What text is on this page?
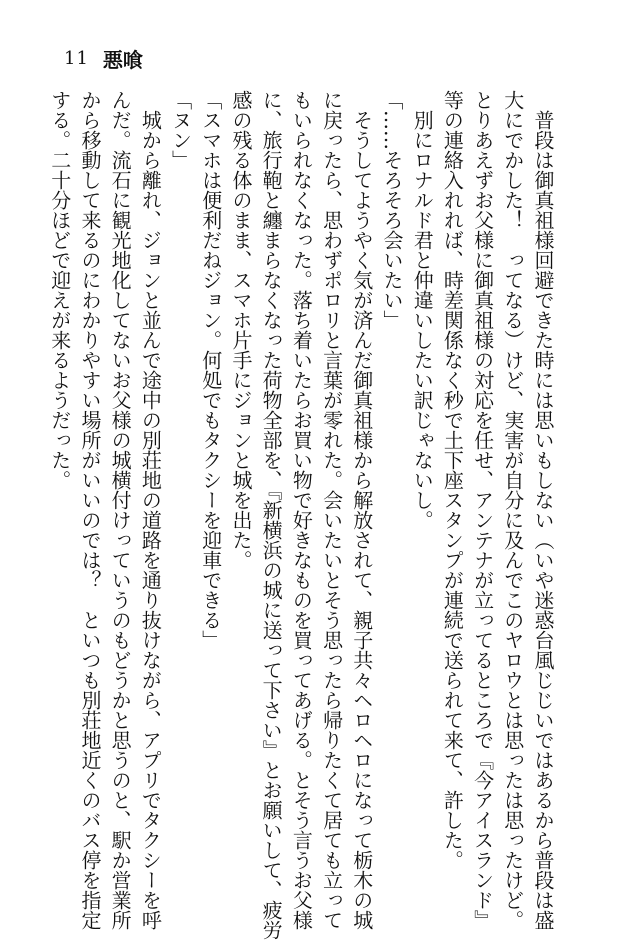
11 悪喰
　普段は御真祖様回避できた時には思いもしない（いや迷惑台風じじいではあるから普段は盛
大にでかした！　ってなる）けど、実害が自分に及んでこのヤロウとは思ったは思ったけど。
とりあえずお父様に御真祖様の対応を任せ、アンテナが立ってるところで『今アイスランド』
等の連絡入れれば、時差関係なく秒で土下座スタンプが連続で送られて来て、許した。
　別にロナルド君と仲違いしたい訳じゃないし。
「……そろそろ会いたい」
　そうしてようやく気が済んだ御真祖様から解放されて、親子共々ヘロヘロになって栃木の城
に戻ったら、思わずポロリと言葉が零れた。会いたいとそう思ったら帰りたくて居ても立って
もいられなくなった。落ち着いたらお買い物で好きなものを買ってあげる。とそう言うお父様
に、旅行鞄と纏まらなくなった荷物全部を、『新横浜の城に送って下さい』とお願いして、疲労
感の残る体のまま、スマホ片手にジョンと城を出た。
「スマホは便利だねジョン。何処でもタクシーを迎車できる」
「ヌン」
　城から離れ、ジョンと並んで途中の別荘地の道路を通り抜けながら、アプリでタクシーを呼
んだ。流石に観光地化してないお父様の城横付けっていうのもどうかと思うのと、駅か営業所
から移動して来るのにわかりやすい場所がいいのでは？　といつも別荘地近くのバス停を指定
する。二十分ほどで迎えが来るようだった。
